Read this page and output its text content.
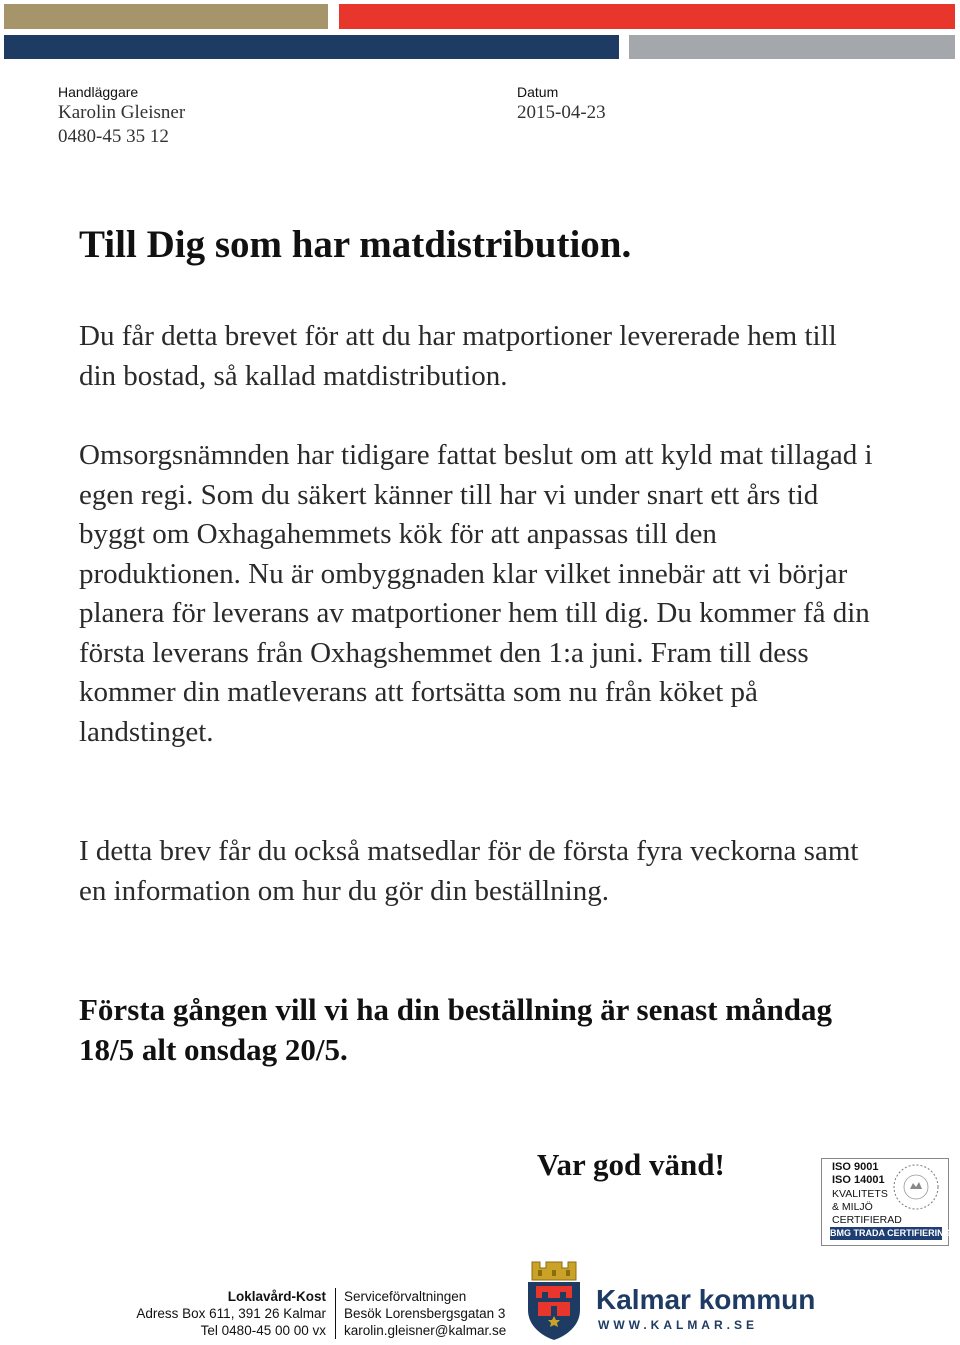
Handläggare
Karolin Gleisner
0480-45 35 12
Datum
2015-04-23
Till Dig som har matdistribution.

Du får detta brevet för att du har matportioner levererade hem till din bostad, så kallad matdistribution.

Omsorgsnämnden har tidigare fattat beslut om att kyld mat tillagad i egen regi. Som du säkert känner till har vi under snart ett års tid byggt om Oxhagahemmets kök för att anpassas till den produktionen. Nu är ombyggnaden klar vilket innebär att vi börjar planera för leverans av matportioner hem till dig. Du kommer få din första leverans från Oxhagshemmet den 1:a juni. Fram till dess kommer din matleverans att fortsätta som nu från köket på landstinget.

I detta brev får du också matsedlar för de första fyra veckorna samt en information om hur du gör din beställning.

Första gången vill vi ha din beställning är senast måndag 18/5 alt onsdag 20/5.

Var god vänd!	ISO 9001
ISO 14001
KVALITETS
& MILJÖ
CERTIFIERAD
BMG TRADA CERTIFIERING
Loklavård-Kost
Adress Box 611, 391 26 Kalmar
Tel 0480-45 00 00 vx
Serviceförvaltningen
Besök Lorensbergsgatan 3
karolin.gleisner@kalmar.se

Kalmar kommun

WWW.KALMAR.SE
